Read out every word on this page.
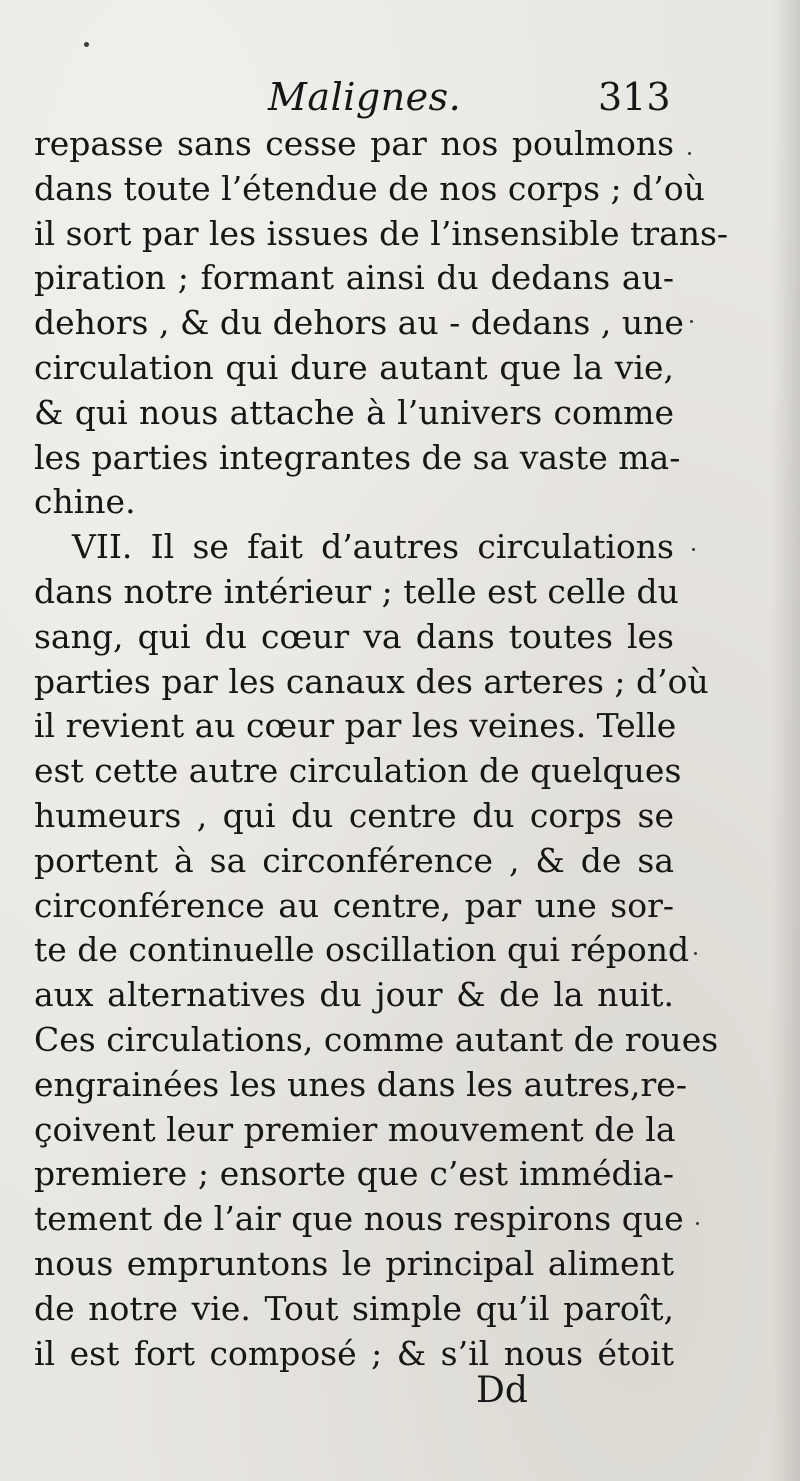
Malignes.	313
repasse sans cesse par nos poulmons
dans toute l’étendue de nos corps ; d’où
il sort par les issues de l’insensible trans-
piration ; formant ainsi du dedans au-
dehors , & du dehors au - dedans , une
circulation qui dure autant que la vie,
& qui nous attache à l’univers comme
les parties integrantes de sa vaste ma-
chine.
VII. Il se fait d’autres circulations
dans notre intérieur ; telle est celle du
sang, qui du cœur va dans toutes les
parties par les canaux des arteres ; d’où
il revient au cœur par les veines. Telle
est cette autre circulation de quelques
humeurs , qui du centre du corps se
portent à sa circonférence , & de sa
circonférence au centre, par une sor-
te de continuelle oscillation qui répond
aux alternatives du jour & de la nuit.
Ces circulations, comme autant de roues
engrainées les unes dans les autres,re-
çoivent leur premier mouvement de la
premiere ; ensorte que c’est immédia-
tement de l’air que nous respirons que
nous empruntons le principal aliment
de notre vie. Tout simple qu’il paroît,
il est fort composé ; & s’il nous étoit
Dd
